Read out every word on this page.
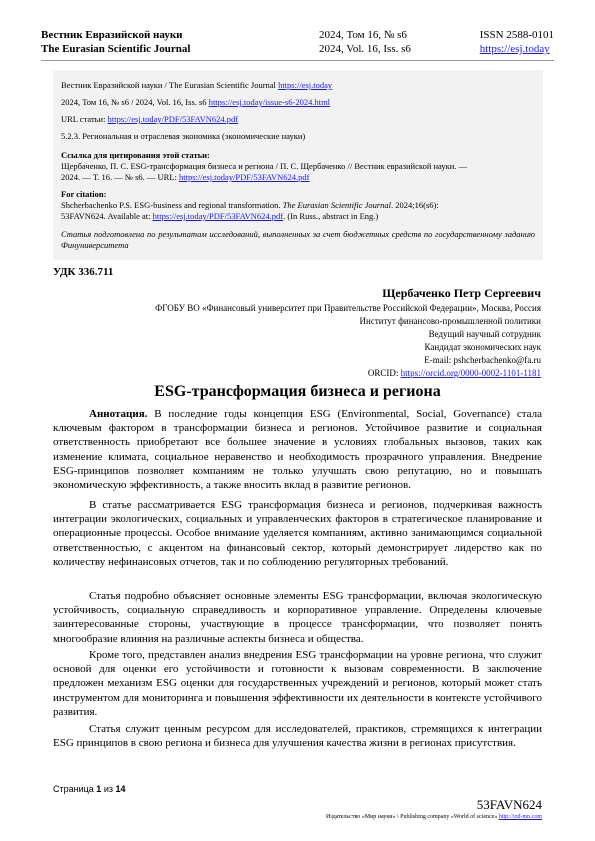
Вестник Евразийской науки
The Eurasian Scientific Journal
2024, Том 16, № s6
2024, Vol. 16, Iss. s6
ISSN 2588-0101
https://esj.today
Вестник Евразийской науки / The Eurasian Scientific Journal https://esj.today
2024, Том 16, № s6 / 2024, Vol. 16, Iss. s6 https://esj.today/issue-s6-2024.html
URL статьи: https://esj.today/PDF/53FAVN624.pdf
5.2.3. Региональная и отраслевая экономика (экономические науки)
Ссылка для цитирования этой статьи:
Щербаченко, П. С. ESG-трансформация бизнеса и региона / П. С. Щербаченко // Вестник евразийской науки. —
2024. — Т. 16. — № s6. — URL: https://esj.today/PDF/53FAVN624.pdf
For citation:
Shcherbachenko P.S. ESG-business and regional transformation. The Eurasian Scientific Journal. 2024;16(s6):
53FAVN624. Available at: https://esj.today/PDF/53FAVN624.pdf. (In Russ., abstract in Eng.)
Статья подготовлена по результатам исследований, выполненных за счет бюджетных средств по государственному заданию Финуниверситета
УДК 336.711
Щербаченко Петр Сергеевич
ФГОБУ ВО «Финансовый университет при Правительстве Российской Федерации», Москва, Россия
Институт финансово-промышленной политики
Ведущий научный сотрудник
Кандидат экономических наук
E-mail: pshcherbachenko@fa.ru
ORCID: https://orcid.org/0000-0002-1101-1181
ESG-трансформация бизнеса и региона
Аннотация. В последние годы концепция ESG (Environmental, Social, Governance) стала ключевым фактором в трансформации бизнеса и регионов. Устойчивое развитие и социальная ответственность приобретают все большее значение в условиях глобальных вызовов, таких как изменение климата, социальное неравенство и необходимость прозрачного управления. Внедрение ESG-принципов позволяет компаниям не только улучшать свою репутацию, но и повышать экономическую эффективность, а также вносить вклад в развитие регионов.
В статье рассматривается ESG трансформация бизнеса и регионов, подчеркивая важность интеграции экологических, социальных и управленческих факторов в стратегическое планирование и операционные процессы. Особое внимание уделяется компаниям, активно занимающимся социальной ответственностью, с акцентом на финансовый сектор, который демонстрирует лидерство как по количеству нефинансовых отчетов, так и по соблюдению регуляторных требований.
Статья подробно объясняет основные элементы ESG трансформации, включая экологическую устойчивость, социальную справедливость и корпоративное управление. Определены ключевые заинтересованные стороны, участвующие в процессе трансформации, что позволяет понять многообразие влияния на различные аспекты бизнеса и общества.
Кроме того, представлен анализ внедрения ESG трансформации на уровне региона, что служит основой для оценки его устойчивости и готовности к вызовам современности. В заключение предложен механизм ESG оценки для государственных учреждений и регионов, который может стать инструментом для мониторинга и повышения эффективности их деятельности в контексте устойчивого развития.
Статья служит ценным ресурсом для исследователей, практиков, стремящихся к интеграции ESG принципов в свою региона и бизнеса для улучшения качества жизни в регионах присутствия.
Страница 1 из 14
53FAVN624
Издательство «Мир науки» \ Publishing company «World of science» http://izd-mn.com
